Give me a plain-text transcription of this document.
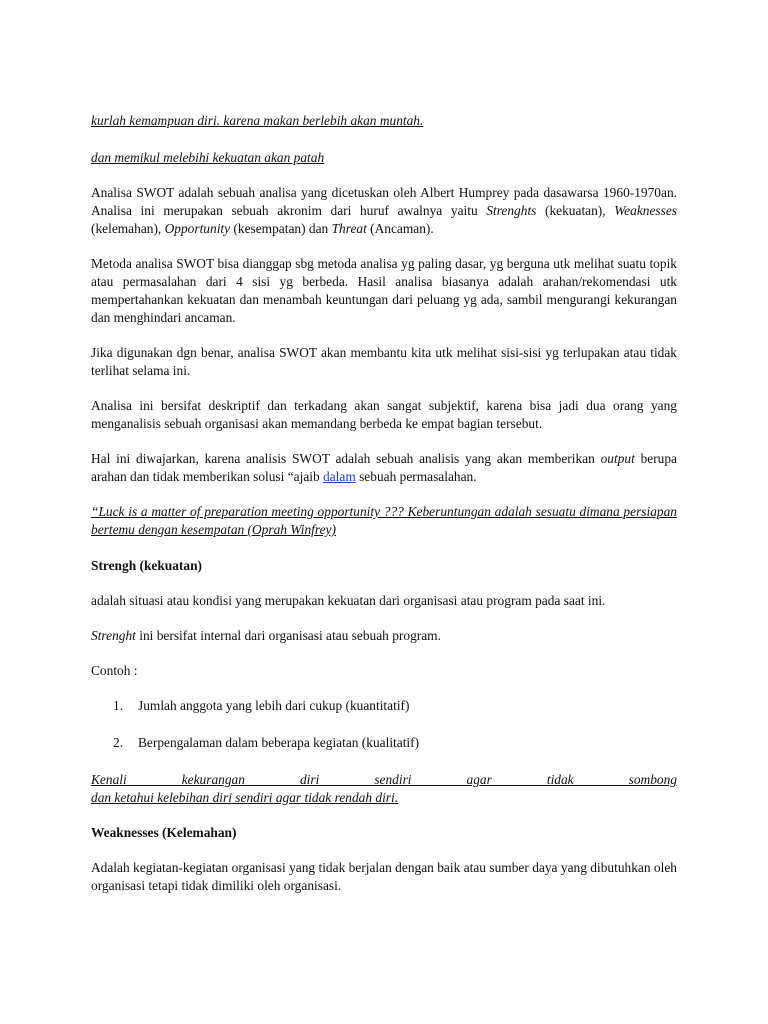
kurlah kemampuan diri. karena makan berlebih akan muntah.

dan memikul melebihi kekuatan akan patah

Analisa SWOT adalah sebuah analisa yang dicetuskan oleh Albert Humprey pada dasawarsa 1960-1970an. Analisa ini merupakan sebuah akronim dari huruf awalnya yaitu Strenghts (kekuatan), Weaknesses (kelemahan), Opportunity (kesempatan) dan Threat (Ancaman).

Metoda analisa SWOT bisa dianggap sbg metoda analisa yg paling dasar, yg berguna utk melihat suatu topik atau permasalahan dari 4 sisi yg berbeda. Hasil analisa biasanya adalah arahan/rekomendasi utk mempertahankan kekuatan dan menambah keuntungan dari peluang yg ada, sambil mengurangi kekurangan dan menghindari ancaman.

Jika digunakan dgn benar, analisa SWOT akan membantu kita utk melihat sisi-sisi yg terlupakan atau tidak terlihat selama ini.

Analisa ini bersifat deskriptif dan terkadang akan sangat subjektif, karena bisa jadi dua orang yang menganalisis sebuah organisasi akan memandang berbeda ke empat bagian tersebut.

Hal ini diwajarkan, karena analisis SWOT adalah sebuah analisis yang akan memberikan output berupa arahan dan tidak memberikan solusi “ajaib dalam sebuah permasalahan.

“Luck is a matter of preparation meeting opportunity ??? Keberuntungan adalah sesuatu dimana persiapan bertemu dengan kesempatan (Oprah Winfrey)

Strengh (kekuatan)

adalah situasi atau kondisi yang merupakan kekuatan dari organisasi atau program pada saat ini.

Strenght ini bersifat internal dari organisasi atau sebuah program.

Contoh :

1. Jumlah anggota yang lebih dari cukup (kuantitatif)
2. Berpengalaman dalam beberapa kegiatan (kualitatif)

Kenali kekurangan diri sendiri agar tidak sombong
dan ketahui kelebihan diri sendiri agar tidak rendah diri.

Weaknesses (Kelemahan)

Adalah kegiatan-kegiatan organisasi yang tidak berjalan dengan baik atau sumber daya yang dibutuhkan oleh organisasi tetapi tidak dimiliki oleh organisasi.
